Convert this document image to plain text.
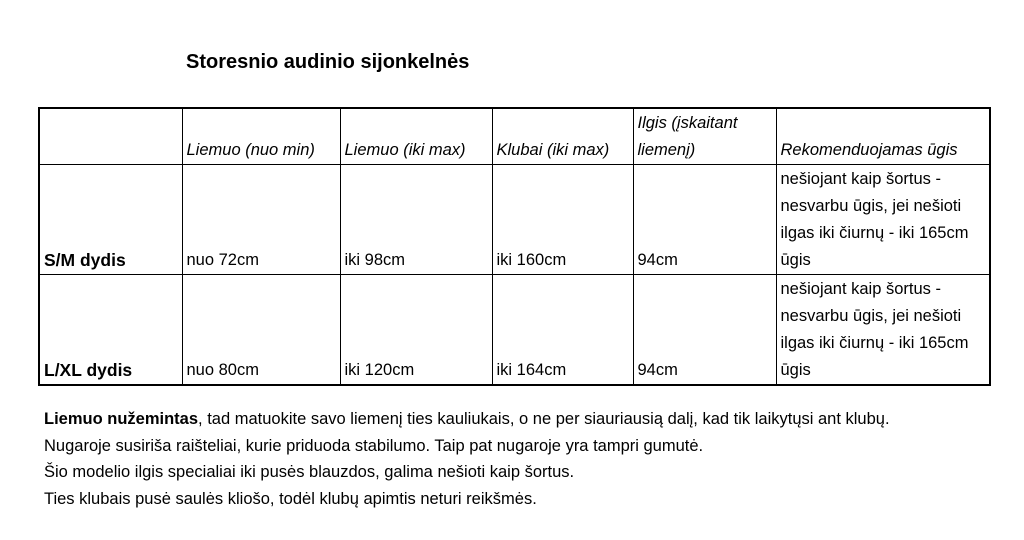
Storesnio audinio sijonkelnės
	Liemuo (nuo min)	Liemuo (iki max)	Klubai (iki max)	Ilgis (įskaitant liemenį)	Rekomenduojamas ūgis
S/M dydis	nuo 72cm	iki 98cm	iki 160cm	94cm	nešiojant kaip šortus - nesvarbu ūgis, jei nešioti ilgas iki čiurnų - iki 165cm ūgis
L/XL dydis	nuo 80cm	iki 120cm	iki 164cm	94cm	nešiojant kaip šortus - nesvarbu ūgis, jei nešioti ilgas iki čiurnų - iki 165cm ūgis

Liemuo nužemintas, tad matuokite savo liemenį ties kauliukais, o ne per siauriausią dalį, kad tik laikytųsi ant klubų.

Nugaroje susirišа raišteliai, kurie priduoda stabilumo. Taip pat nugaroje yra tampri gumutė.

Šio modelio ilgis specialiai iki pusės blauzdos, galima nešioti kaip šortus.

Ties klubais pusė saulės kliošo, todėl klubų apimtis neturi reikšmės.
